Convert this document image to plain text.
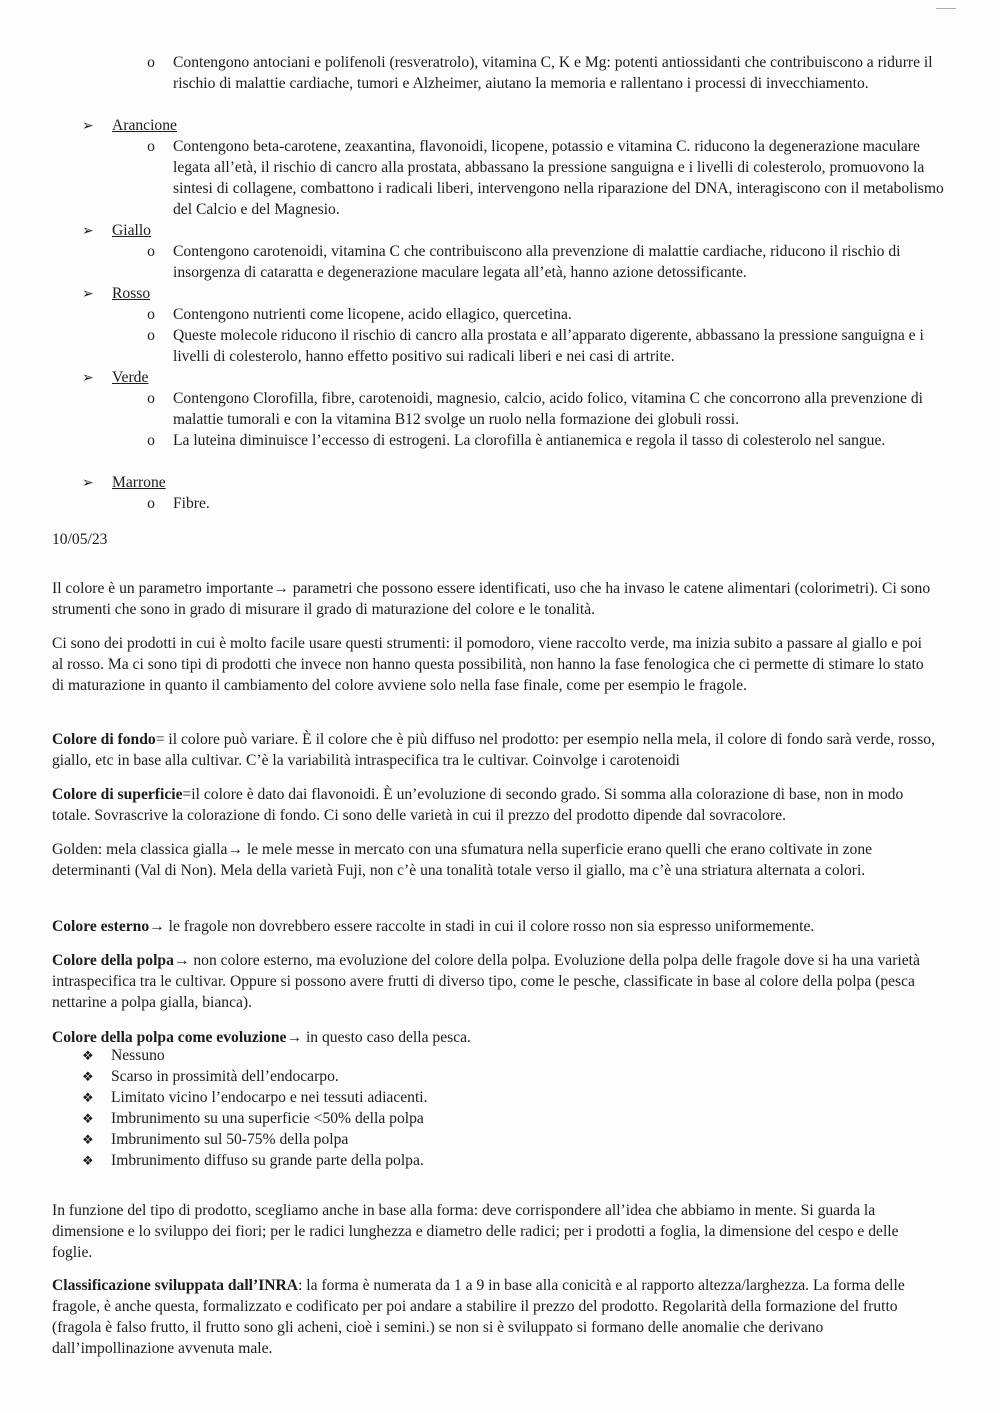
o Contengono antociani e polifenoli (resveratrolo), vitamina C, K e Mg: potenti antiossidanti che contribuiscono a ridurre il rischio di malattie cardiache, tumori e Alzheimer, aiutano la memoria e rallentano i processi di invecchiamento.
➢ Arancione
o Contengono beta-carotene, zeaxantina, flavonoidi, licopene, potassio e vitamina C. riducono la degenerazione maculare legata all’età, il rischio di cancro alla prostata, abbassano la pressione sanguigna e i livelli di colesterolo, promuovono la sintesi di collagene, combattono i radicali liberi, intervengono nella riparazione del DNA, interagiscono con il metabolismo del Calcio e del Magnesio.
➢ Giallo
o Contengono carotenoidi, vitamina C che contribuiscono alla prevenzione di malattie cardiache, riducono il rischio di insorgenza di cataratta e degenerazione maculare legata all’età, hanno azione detossificante.
➢ Rosso
o Contengono nutrienti come licopene, acido ellagico, quercetina.
o Queste molecole riducono il rischio di cancro alla prostata e all’apparato digerente, abbassano la pressione sanguigna e i livelli di colesterolo, hanno effetto positivo sui radicali liberi e nei casi di artrite.
➢ Verde
o Contengono Clorofilla, fibre, carotenoidi, magnesio, calcio, acido folico, vitamina C che concorrono alla prevenzione di malattie tumorali e con la vitamina B12 svolge un ruolo nella formazione dei globuli rossi.
o La luteina diminuisce l’eccesso di estrogeni. La clorofilla è antianemica e regola il tasso di colesterolo nel sangue.
➢ Marrone
o Fibre.
10/05/23

Il colore è un parametro importante→ parametri che possono essere identificati, uso che ha invaso le catene alimentari (colorimetri). Ci sono strumenti che sono in grado di misurare il grado di maturazione del colore e le tonalità.

Ci sono dei prodotti in cui è molto facile usare questi strumenti: il pomodoro, viene raccolto verde, ma inizia subito a passare al giallo e poi al rosso. Ma ci sono tipi di prodotti che invece non hanno questa possibilità, non hanno la fase fenologica che ci permette di stimare lo stato di maturazione in quanto il cambiamento del colore avviene solo nella fase finale, come per esempio le fragole.

Colore di fondo= il colore può variare. È il colore che è più diffuso nel prodotto: per esempio nella mela, il colore di fondo sarà verde, rosso, giallo, etc in base alla cultivar. C’è la variabilità intraspecifica tra le cultivar. Coinvolge i carotenoidi

Colore di superficie=il colore è dato dai flavonoidi. È un’evoluzione di secondo grado. Si somma alla colorazione di base, non in modo totale. Sovrascrive la colorazione di fondo. Ci sono delle varietà in cui il prezzo del prodotto dipende dal sovracolore.

Golden: mela classica gialla→ le mele messe in mercato con una sfumatura nella superficie erano quelli che erano coltivate in zone determinanti (Val di Non). Mela della varietà Fuji, non c’è una tonalità totale verso il giallo, ma c’è una striatura alternata a colori.

Colore esterno→ le fragole non dovrebbero essere raccolte in stadi in cui il colore rosso non sia espresso uniformemente.

Colore della polpa→ non colore esterno, ma evoluzione del colore della polpa. Evoluzione della polpa delle fragole dove si ha una varietà intraspecifica tra le cultivar. Oppure si possono avere frutti di diverso tipo, come le pesche, classificate in base al colore della polpa (pesca nettarine a polpa gialla, bianca).

Colore della polpa come evoluzione→ in questo caso della pesca.

❖ Nessuno
❖ Scarso in prossimità dell’endocarpo.
❖ Limitato vicino l’endocarpo e nei tessuti adiacenti.
❖ Imbrunimento su una superficie <50% della polpa
❖ Imbrunimento sul 50-75% della polpa
❖ Imbrunimento diffuso su grande parte della polpa.

In funzione del tipo di prodotto, scegliamo anche in base alla forma: deve corrispondere all’idea che abbiamo in mente. Si guarda la dimensione e lo sviluppo dei fiori; per le radici lunghezza e diametro delle radici; per i prodotti a foglia, la dimensione del cespo e delle foglie.

Classificazione sviluppata dall’INRA: la forma è numerata da 1 a 9 in base alla conicità e al rapporto altezza/larghezza. La forma delle fragole, è anche questa, formalizzato e codificato per poi andare a stabilire il prezzo del prodotto. Regolarità della formazione del frutto (fragola è falso frutto, il frutto sono gli acheni, cioè i semini.) se non si è sviluppato si formano delle anomalie che derivano dall’impollinazione avvenuta male.
